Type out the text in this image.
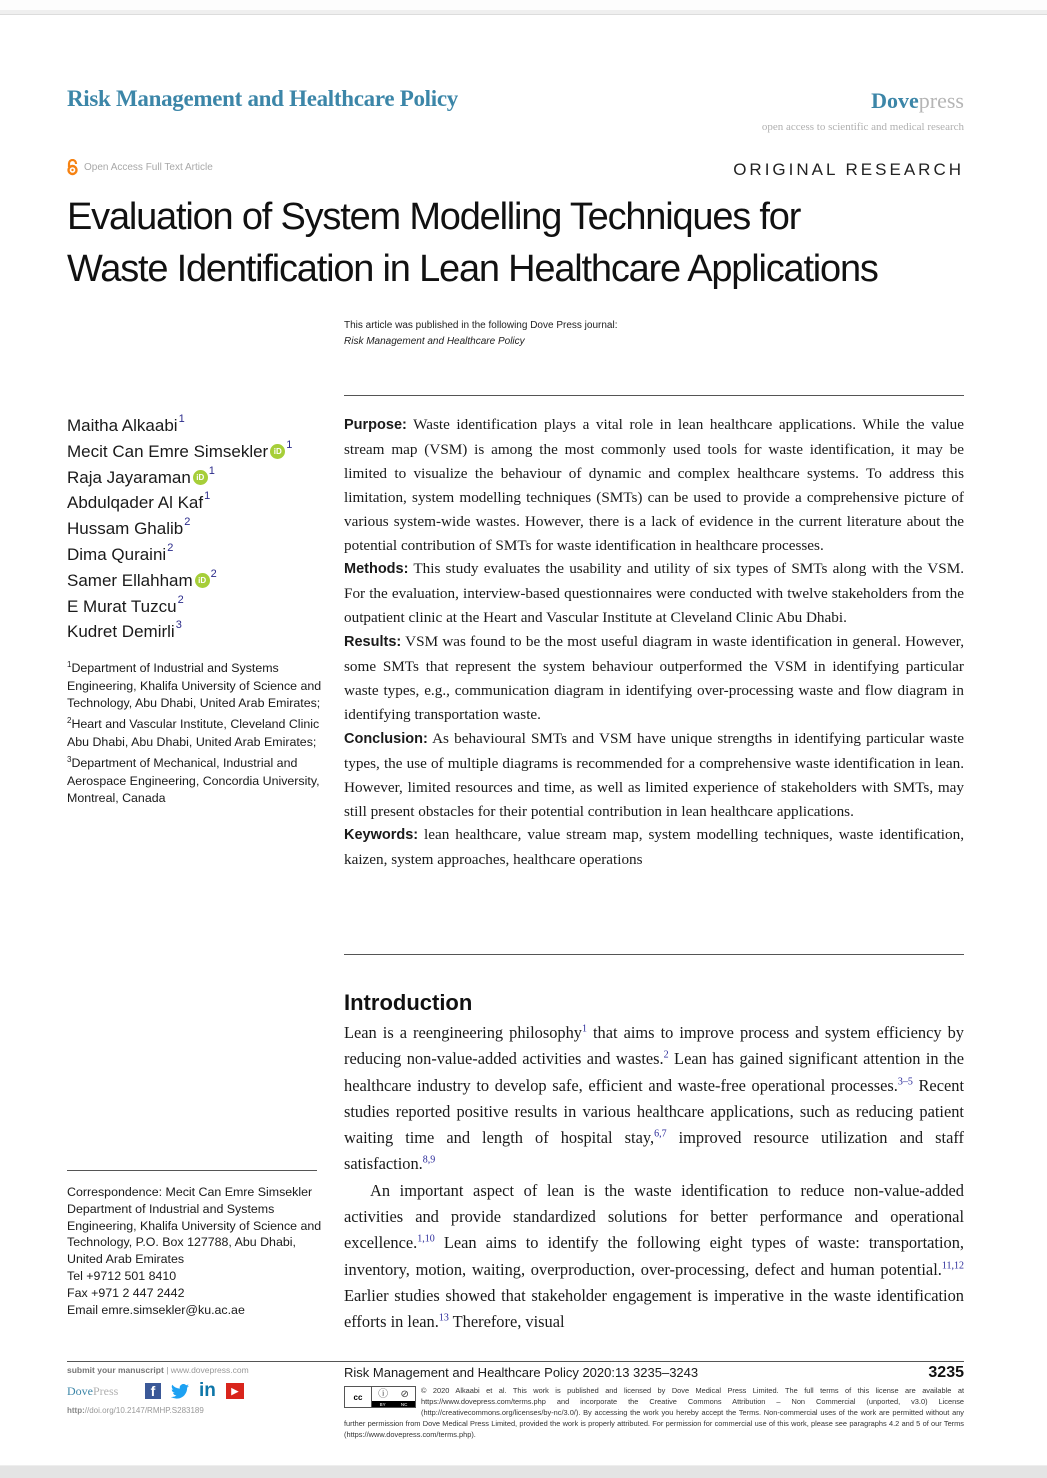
Risk Management and Healthcare Policy	Dovepress
open access to scientific and medical research
Open Access Full Text Article	ORIGINAL RESEARCH
Evaluation of System Modelling Techniques for
Waste Identification in Lean Healthcare Applications
This article was published in the following Dove Press journal:
Risk Management and Healthcare Policy
Maitha Alkaabi$^1$
Mecit Can Emre Simsekler iD
$^1$
Raja Jayaraman iD
$^1$
Abdulqader Al Kaf$^1$
Hussam Ghalib$^2$
Dima Quraini$^2$
Samer Ellahham iD
$^2$
E Murat Tuzcu$^2$
Kudret Demirli$^3$
$^1$Department of Industrial and Systems Engineering, Khalifa University of Science and Technology, Abu Dhabi, United Arab Emirates; $^2$Heart and Vascular Institute, Cleveland Clinic Abu Dhabi, Abu Dhabi, United Arab Emirates; $^3$Department of Mechanical, Industrial and Aerospace Engineering, Concordia University, Montreal, Canada

Purpose: Waste identification plays a vital role in lean healthcare applications. While the value stream map (VSM) is among the most commonly used tools for waste identification, it may be limited to visualize the behaviour of dynamic and complex healthcare systems. To address this limitation, system modelling techniques (SMTs) can be used to provide a comprehensive picture of various system-wide wastes. However, there is a lack of evidence in the current literature about the potential contribution of SMTs for waste identification in healthcare processes.

Methods: This study evaluates the usability and utility of six types of SMTs along with the VSM. For the evaluation, interview-based questionnaires were conducted with twelve stakeholders from the outpatient clinic at the Heart and Vascular Institute at Cleveland Clinic Abu Dhabi.

Results: VSM was found to be the most useful diagram in waste identification in general. However, some SMTs that represent the system behaviour outperformed the VSM in identifying particular waste types, e.g., communication diagram in identifying over-processing waste and flow diagram in identifying transportation waste.

Conclusion: As behavioural SMTs and VSM have unique strengths in identifying particular waste types, the use of multiple diagrams is recommended for a comprehensive waste identification in lean. However, limited resources and time, as well as limited experience of stakeholders with SMTs, may still present obstacles for their potential contribution in lean healthcare applications.

Keywords: lean healthcare, value stream map, system modelling techniques, waste identification, kaizen, system approaches, healthcare operations

Introduction

Lean is a reengineering philosophy$^1$ that aims to improve process and system efficiency by reducing non-value-added activities and wastes.$^2$ Lean has gained significant attention in the healthcare industry to develop safe, efficient and waste-free operational processes.$^{3-5}$ Recent studies reported positive results in various healthcare applications, such as reducing patient waiting time and length of hospital stay,$^{6,7}$ improved resource utilization and staff satisfaction.$^{8,9}$

An important aspect of lean is the waste identification to reduce non-value-added activities and provide standardized solutions for better performance and operational excellence.$^{1,10}$ Lean aims to identify the following eight types of waste: transportation, inventory, motion, waiting, overproduction, over-processing, defect and human potential.$^{11,12}$ Earlier studies showed that stakeholder engagement is imperative in the waste identification efforts in lean.$^{13}$ Therefore, visual

Correspondence: Mecit Can Emre Simsekler
Department of Industrial and Systems Engineering, Khalifa University of Science and Technology, P.O. Box 127788, Abu Dhabi, United Arab Emirates
Tel +9712 501 8410
Fax +971 2 447 2442
Email emre.simsekler@ku.ac.ae
submit your manuscript | www.dovepress.com
DovePress	f in	▶
http://doi.org/10.2147/RMHP.S283189
Risk Management and Healthcare Policy 2020:13 3235–3243	3235
cc	ⓘ ⊘
BY	NC
© 2020 Alkaabi et al. This work is published and licensed by Dove Medical Press Limited. The full terms of this license are available at https://www.dovepress.com/terms.php and incorporate the Creative Commons Attribution – Non Commercial (unported, v3.0) License (http://creativecommons.org/licenses/by-nc/3.0/). By accessing the work you hereby accept the Terms. Non-commercial uses of the work are permitted without any further permission from Dove Medical Press Limited, provided the work is properly attributed. For permission for commercial use of this work, please see paragraphs 4.2 and 5 of our Terms (https://www.dovepress.com/terms.php).
